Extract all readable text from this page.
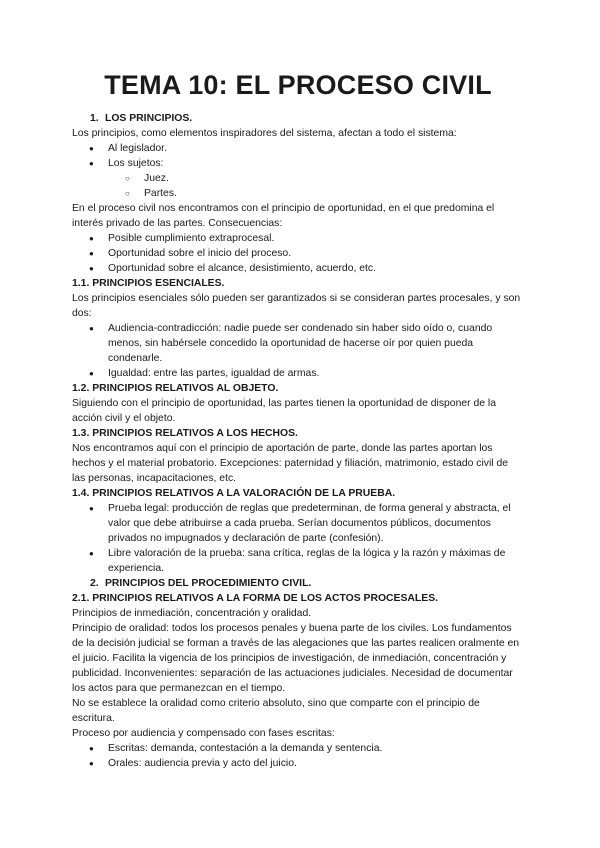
TEMA 10: EL PROCESO CIVIL

1. LOS PRINCIPIOS.

Los principios, como elementos inspiradores del sistema, afectan a todo el sistema:

● Al legislador.
● Los sujetos:
○ Juez.
○ Partes.

En el proceso civil nos encontramos con el principio de oportunidad, en el que predomina el interés privado de las partes. Consecuencias:

● Posible cumplimiento extraprocesal.
● Oportunidad sobre el inicio del proceso.
● Oportunidad sobre el alcance, desistimiento, acuerdo, etc.

1.1. PRINCIPIOS ESENCIALES.

Los principios esenciales sólo pueden ser garantizados si se consideran partes procesales, y son dos:

● Audiencia-contradicción: nadie puede ser condenado sin haber sido oído o, cuando menos, sin habérsele concedido la oportunidad de hacerse oír por quien pueda condenarle.
● Igualdad: entre las partes, igualdad de armas.

1.2. PRINCIPIOS RELATIVOS AL OBJETO.

Siguiendo con el principio de oportunidad, las partes tienen la oportunidad de disponer de la acción civil y el objeto.

1.3. PRINCIPIOS RELATIVOS A LOS HECHOS.

Nos encontramos aquí con el principio de aportación de parte, donde las partes aportan los hechos y el material probatorio. Excepciones: paternidad y filiación, matrimonio, estado civil de las personas, incapacitaciones, etc.

1.4. PRINCIPIOS RELATIVOS A LA VALORACIÓN DE LA PRUEBA.

● Prueba legal: producción de reglas que predeterminan, de forma general y abstracta, el valor que debe atribuirse a cada prueba. Serían documentos públicos, documentos privados no impugnados y declaración de parte (confesión).
● Libre valoración de la prueba: sana crítica, reglas de la lógica y la razón y máximas de experiencia.

2. PRINCIPIOS DEL PROCEDIMIENTO CIVIL.

2.1. PRINCIPIOS RELATIVOS A LA FORMA DE LOS ACTOS PROCESALES.

Principios de inmediación, concentración y oralidad.

Principio de oralidad: todos los procesos penales y buena parte de los civiles. Los fundamentos de la decisión judicial se forman a través de las alegaciones que las partes realicen oralmente en el juicio. Facilita la vigencia de los principios de investigación, de inmediación, concentración y publicidad. Inconvenientes: separación de las actuaciones judiciales. Necesidad de documentar los actos para que permanezcan en el tiempo.

No se establece la oralidad como criterio absoluto, sino que comparte con el principio de escritura.

Proceso por audiencia y compensado con fases escritas:

● Escritas: demanda, contestación a la demanda y sentencia.
● Orales: audiencia previa y acto del juicio.
